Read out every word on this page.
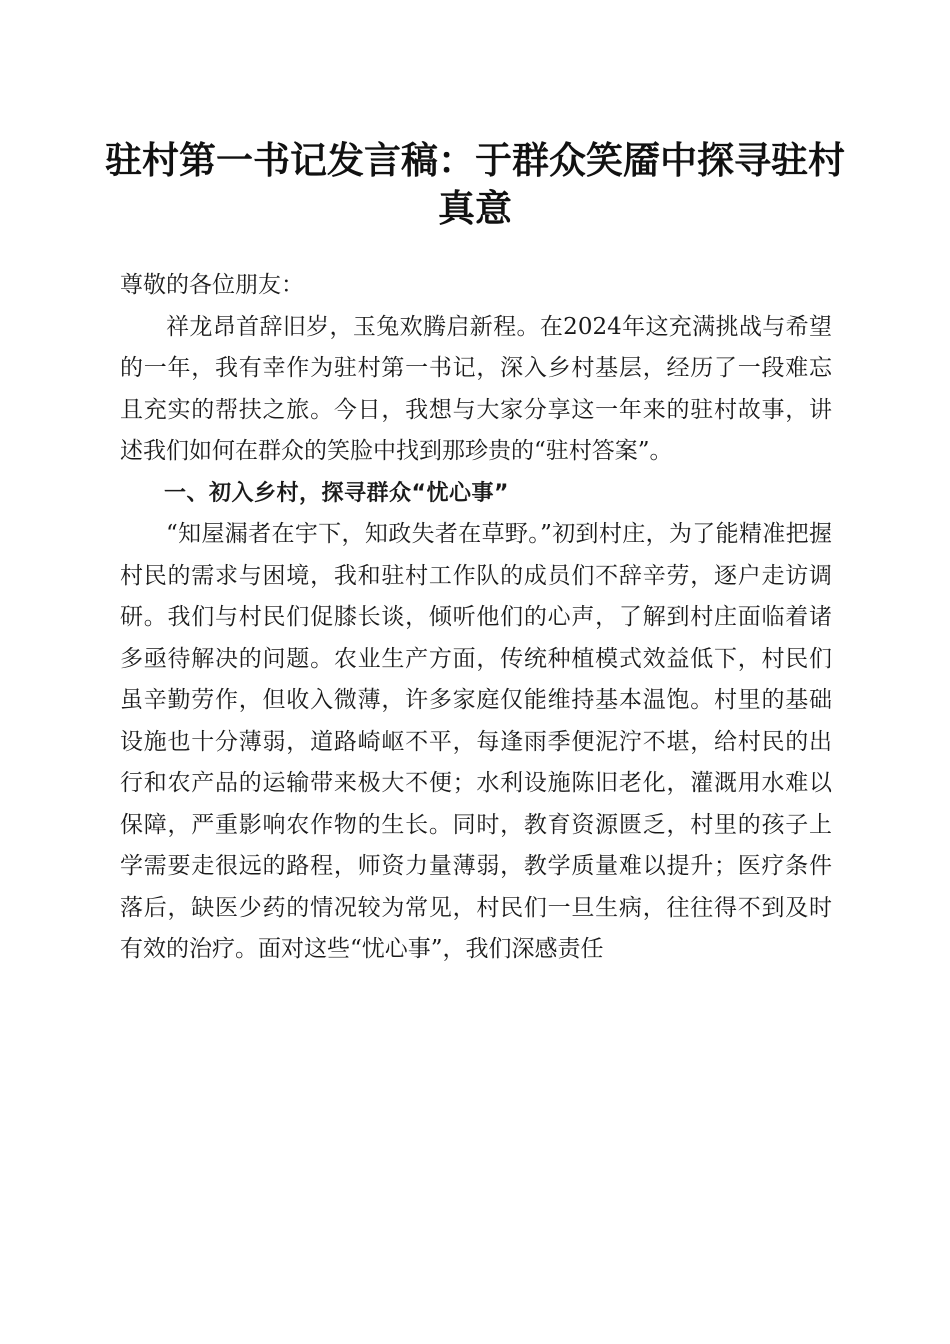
驻村第一书记发言稿：于群众笑靥中探寻驻村真意

尊敬的各位朋友：

祥龙昂首辞旧岁，玉兔欢腾启新程。在2024年这充满挑战与希望的一年，我有幸作为驻村第一书记，深入乡村基层，经历了一段难忘且充实的帮扶之旅。今日，我想与大家分享这一年来的驻村故事，讲述我们如何在群众的笑脸中找到那珍贵的“驻村答案”。

一、初入乡村，探寻群众“忧心事”

“知屋漏者在宇下，知政失者在草野。”初到村庄，为了能精准把握村民的需求与困境，我和驻村工作队的成员们不辞辛劳，逐户走访调研。我们与村民们促膝长谈，倾听他们的心声，了解到村庄面临着诸多亟待解决的问题。农业生产方面，传统种植模式效益低下，村民们虽辛勤劳作，但收入微薄，许多家庭仅能维持基本温饱。村里的基础设施也十分薄弱，道路崎岖不平，每逢雨季便泥泞不堪，给村民的出行和农产品的运输带来极大不便；水利设施陈旧老化，灌溉用水难以保障，严重影响农作物的生长。同时，教育资源匮乏，村里的孩子上学需要走很远的路程，师资力量薄弱，教学质量难以提升；医疗条件落后，缺医少药的情况较为常见，村民们一旦生病，往往得不到及时有效的治疗。面对这些“忧心事”，我们深感责任
